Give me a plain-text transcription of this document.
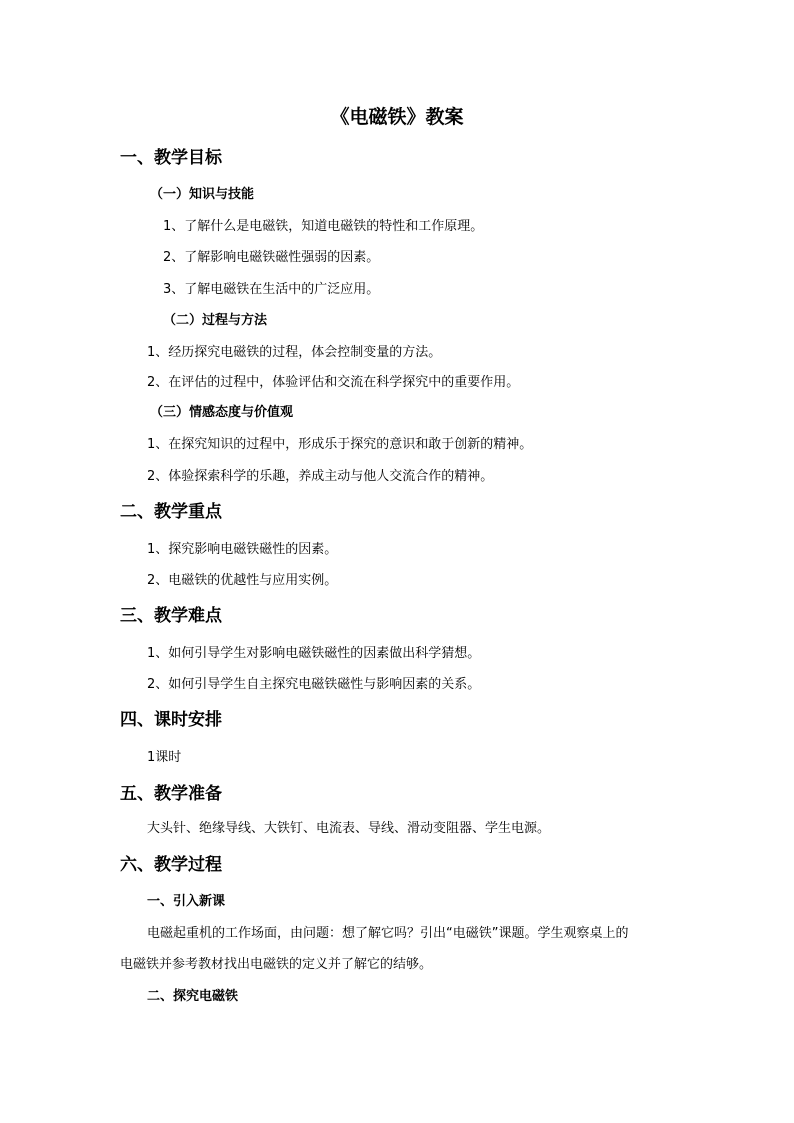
《电磁铁》教案
一、教学目标
（一）知识与技能
1、了解什么是电磁铁，知道电磁铁的特性和工作原理。
2、了解影响电磁铁磁性强弱的因素。
3、了解电磁铁在生活中的广泛应用。
（二）过程与方法
1、经历探究电磁铁的过程，体会控制变量的方法。
2、在评估的过程中，体验评估和交流在科学探究中的重要作用。
（三）情感态度与价值观
1、在探究知识的过程中，形成乐于探究的意识和敢于创新的精神。
2、体验探索科学的乐趣，养成主动与他人交流合作的精神。
二、教学重点
1、探究影响电磁铁磁性的因素。
2、电磁铁的优越性与应用实例。
三、教学难点
1、如何引导学生对影响电磁铁磁性的因素做出科学猜想。
2、如何引导学生自主探究电磁铁磁性与影响因素的关系。
四、课时安排
1课时
五、教学准备
大头针、绝缘导线、大铁钉、电流表、导线、滑动变阻器、学生电源。
六、教学过程
一、引入新课
电磁起重机的工作场面，由问题：想了解它吗？引出“电磁铁”课题。学生观察桌上的
电磁铁并参考教材找出电磁铁的定义并了解它的结够。
二、探究电磁铁
